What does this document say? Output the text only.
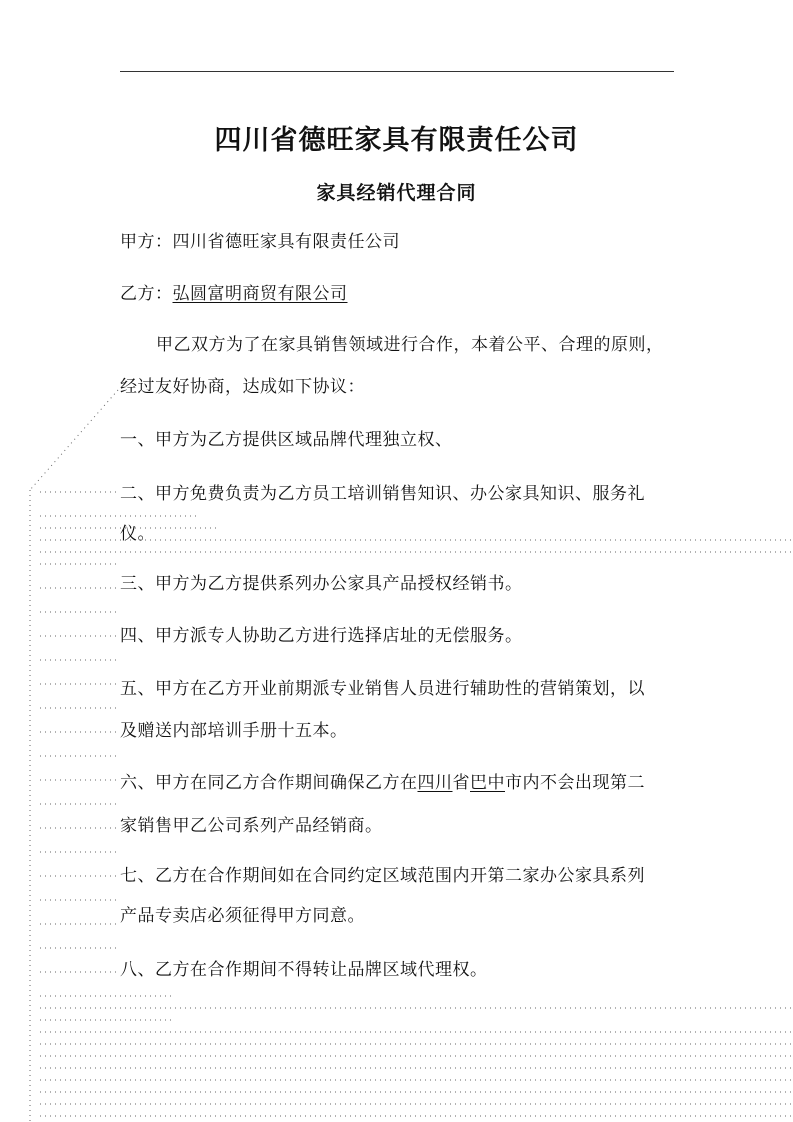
四川省德旺家具有限责任公司
家具经销代理合同
甲方：四川省德旺家具有限责任公司
乙方：弘圆富明商贸有限公司
甲乙双方为了在家具销售领域进行合作，本着公平、合理的原则，
经过友好协商，达成如下协议：
一、甲方为乙方提供区域品牌代理独立权、
二、甲方免费负责为乙方员工培训销售知识、办公家具知识、服务礼
仪。
三、甲方为乙方提供系列办公家具产品授权经销书。
四、甲方派专人协助乙方进行选择店址的无偿服务。
五、甲方在乙方开业前期派专业销售人员进行辅助性的营销策划，以
及赠送内部培训手册十五本。
六、甲方在同乙方合作期间确保乙方在四川省巴中市内不会出现第二
家销售甲乙公司系列产品经销商。
七、乙方在合作期间如在合同约定区域范围内开第二家办公家具系列
产品专卖店必须征得甲方同意。
八、乙方在合作期间不得转让品牌区域代理权。
